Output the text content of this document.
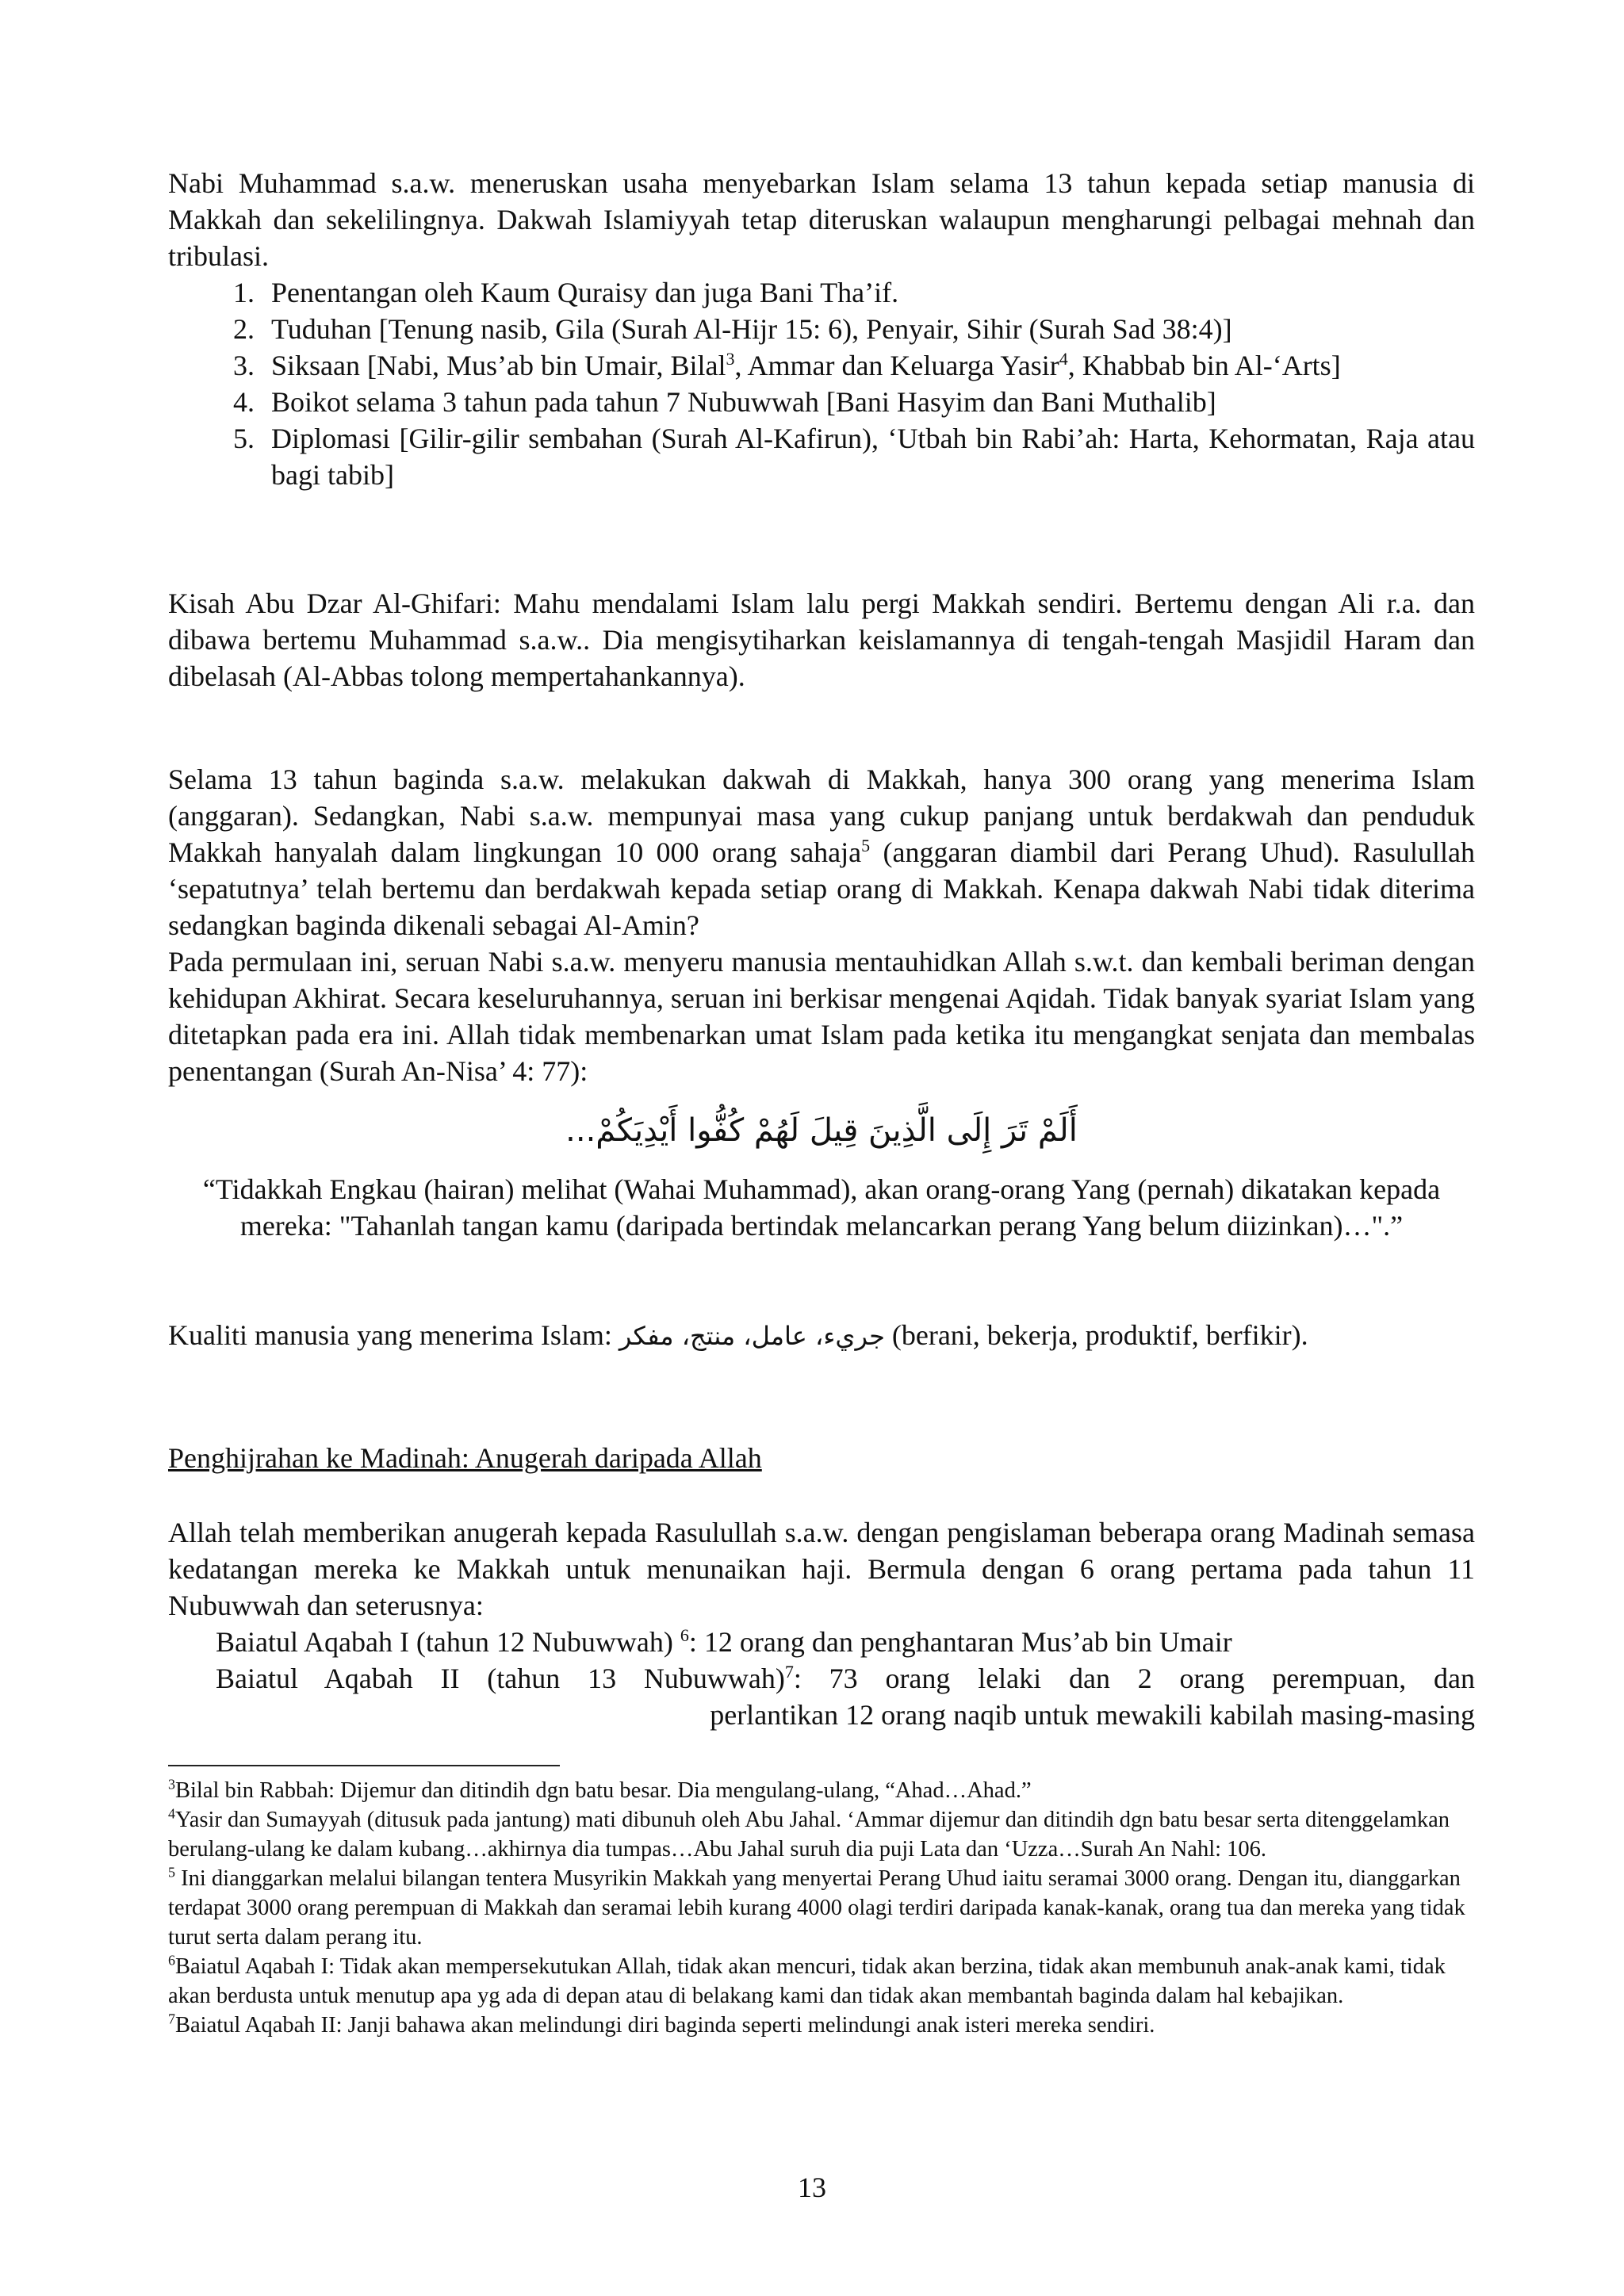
Nabi Muhammad s.a.w. meneruskan usaha menyebarkan Islam selama 13 tahun kepada setiap manusia di Makkah dan sekelilingnya. Dakwah Islamiyyah tetap diteruskan walaupun mengharungi pelbagai mehnah dan tribulasi.

1. Penentangan oleh Kaum Quraisy dan juga Bani Tha’if.
2. Tuduhan [Tenung nasib, Gila (Surah Al-Hijr 15: 6), Penyair, Sihir (Surah Sad 38:4)]
3. Siksaan [Nabi, Mus’ab bin Umair, Bilal$^3$, Ammar dan Keluarga Yasir$^4$, Khabbab bin Al-‘Arts]
4. Boikot selama 3 tahun pada tahun 7 Nubuwwah [Bani Hasyim dan Bani Muthalib]
5. Diplomasi [Gilir-gilir sembahan (Surah Al-Kafirun), ‘Utbah bin Rabi’ah: Harta, Kehormatan, Raja atau bagi tabib]

Kisah Abu Dzar Al-Ghifari: Mahu mendalami Islam lalu pergi Makkah sendiri. Bertemu dengan Ali r.a. dan dibawa bertemu Muhammad s.a.w.. Dia mengisytiharkan keislamannya di tengah-tengah Masjidil Haram dan dibelasah (Al-Abbas tolong mempertahankannya).

Selama 13 tahun baginda s.a.w. melakukan dakwah di Makkah, hanya 300 orang yang menerima Islam (anggaran). Sedangkan, Nabi s.a.w. mempunyai masa yang cukup panjang untuk berdakwah dan penduduk Makkah hanyalah dalam lingkungan 10 000 orang sahaja$^5$ (anggaran diambil dari Perang Uhud). Rasulullah ‘sepatutnya’ telah bertemu dan berdakwah kepada setiap orang di Makkah. Kenapa dakwah Nabi tidak diterima sedangkan baginda dikenali sebagai Al-Amin?

Pada permulaan ini, seruan Nabi s.a.w. menyeru manusia mentauhidkan Allah s.w.t. dan kembali beriman dengan kehidupan Akhirat. Secara keseluruhannya, seruan ini berkisar mengenai Aqidah. Tidak banyak syariat Islam yang ditetapkan pada era ini. Allah tidak membenarkan umat Islam pada ketika itu mengangkat senjata dan membalas penentangan (Surah An-Nisa’ 4: 77):

أَلَمْ تَرَ إِلَى الَّذِينَ قِيلَ لَهُمْ كُفُّوا أَيْدِيَكُمْ...
“Tidakkah Engkau (hairan) melihat (Wahai Muhammad), akan orang-orang Yang (pernah) dikatakan kepada mereka: "Tahanlah tangan kamu (daripada bertindak melancarkan perang Yang belum diizinkan)…".”
Kualiti manusia yang menerima Islam: جريء، عامل، منتج، مفكر (berani, bekerja, produktif, berfikir).
Penghijrahan ke Madinah: Anugerah daripada Allah

Allah telah memberikan anugerah kepada Rasulullah s.a.w. dengan pengislaman beberapa orang Madinah semasa kedatangan mereka ke Makkah untuk menunaikan haji. Bermula dengan 6 orang pertama pada tahun 11 Nubuwwah dan seterusnya:

Baiatul Aqabah I (tahun 12 Nubuwwah) $^6$: 12 orang dan penghantaran Mus’ab bin Umair

Baiatul Aqabah II (tahun 13 Nubuwwah)$^7$: 73 orang lelaki dan 2 orang perempuan, dan

perlantikan 12 orang naqib untuk mewakili kabilah masing-masing

$^3$Bilal bin Rabbah: Dijemur dan ditindih dgn batu besar. Dia mengulang-ulang, “Ahad…Ahad.”

$^4$Yasir dan Sumayyah (ditusuk pada jantung) mati dibunuh oleh Abu Jahal. ‘Ammar dijemur dan ditindih dgn batu besar serta ditenggelamkan berulang-ulang ke dalam kubang…akhirnya dia tumpas…Abu Jahal suruh dia puji Lata dan ‘Uzza…Surah An Nahl: 106.

$^5$ Ini dianggarkan melalui bilangan tentera Musyrikin Makkah yang menyertai Perang Uhud iaitu seramai 3000 orang. Dengan itu, dianggarkan terdapat 3000 orang perempuan di Makkah dan seramai lebih kurang 4000 olagi terdiri daripada kanak-kanak, orang tua dan mereka yang tidak turut serta dalam perang itu.

$^6$Baiatul Aqabah I: Tidak akan mempersekutukan Allah, tidak akan mencuri, tidak akan berzina, tidak akan membunuh anak-anak kami, tidak akan berdusta untuk menutup apa yg ada di depan atau di belakang kami dan tidak akan membantah baginda dalam hal kebajikan.

$^7$Baiatul Aqabah II: Janji bahawa akan melindungi diri baginda seperti melindungi anak isteri mereka sendiri.

13
